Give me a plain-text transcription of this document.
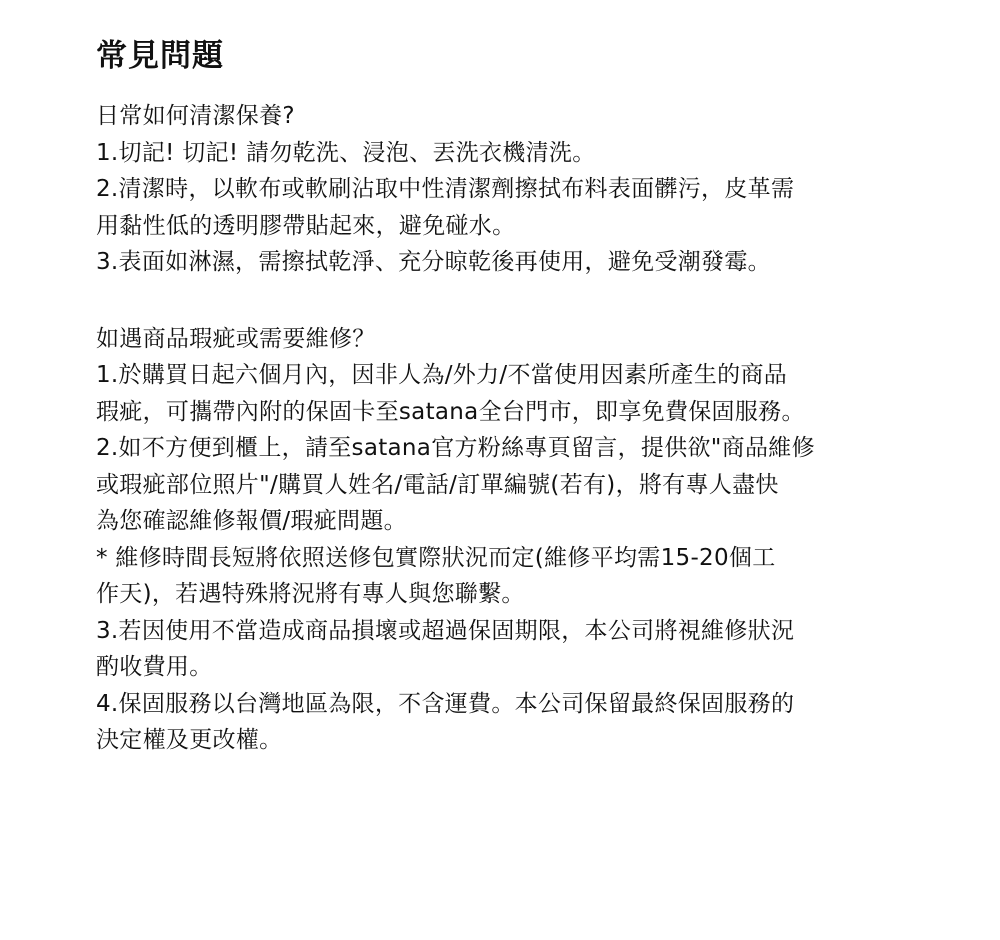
常見問題

日常如何清潔保養?

1.切記! 切記! 請勿乾洗、浸泡、丟洗衣機清洗。

2.清潔時，以軟布或軟刷沾取中性清潔劑擦拭布料表面髒污，皮革需

用黏性低的透明膠帶貼起來，避免碰水。

3.表面如淋濕，需擦拭乾淨、充分晾乾後再使用，避免受潮發霉。

如遇商品瑕疵或需要維修？

1.於購買日起六個月內，因非人為/外力/不當使用因素所產生的商品

瑕疵，可攜帶內附的保固卡至satana全台門市，即享免費保固服務。

2.如不方便到櫃上，請至satana官方粉絲專頁留言，提供欲"商品維修

或瑕疵部位照片"/購買人姓名/電話/訂單編號(若有)，將有專人盡快

為您確認維修報價/瑕疵問題。

* 維修時間長短將依照送修包實際狀況而定(維修平均需15-20個工

作天)，若遇特殊將況將有專人與您聯繫。

3.若因使用不當造成商品損壞或超過保固期限，本公司將視維修狀況

酌收費用。

4.保固服務以台灣地區為限，不含運費。本公司保留最終保固服務的

決定權及更改權。
